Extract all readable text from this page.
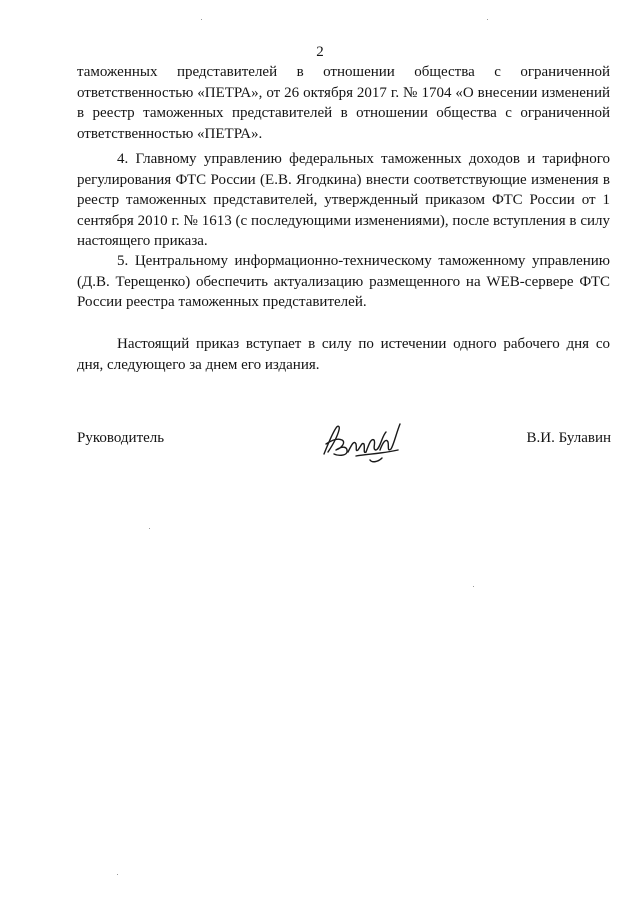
2
таможенных представителей в отношении общества с ограниченной ответственностью «ПЕТРА», от 26 октября 2017 г. № 1704 «О внесении изменений в реестр таможенных представителей в отношении общества с ограниченной ответственностью «ПЕТРА».
4. Главному управлению федеральных таможенных доходов и тарифного регулирования ФТС России (Е.В. Ягодкина) внести соответствующие изменения в реестр таможенных представителей, утвержденный приказом ФТС России от 1 сентября 2010 г. № 1613 (с последующими изменениями), после вступления в силу настоящего приказа.
5. Центральному информационно-техническому таможенному управлению (Д.В. Терещенко) обеспечить актуализацию размещенного на WEB-сервере ФТС России реестра таможенных представителей.
Настоящий приказ вступает в силу по истечении одного рабочего дня со дня, следующего за днем его издания.
Руководитель	В.И. Булавин
